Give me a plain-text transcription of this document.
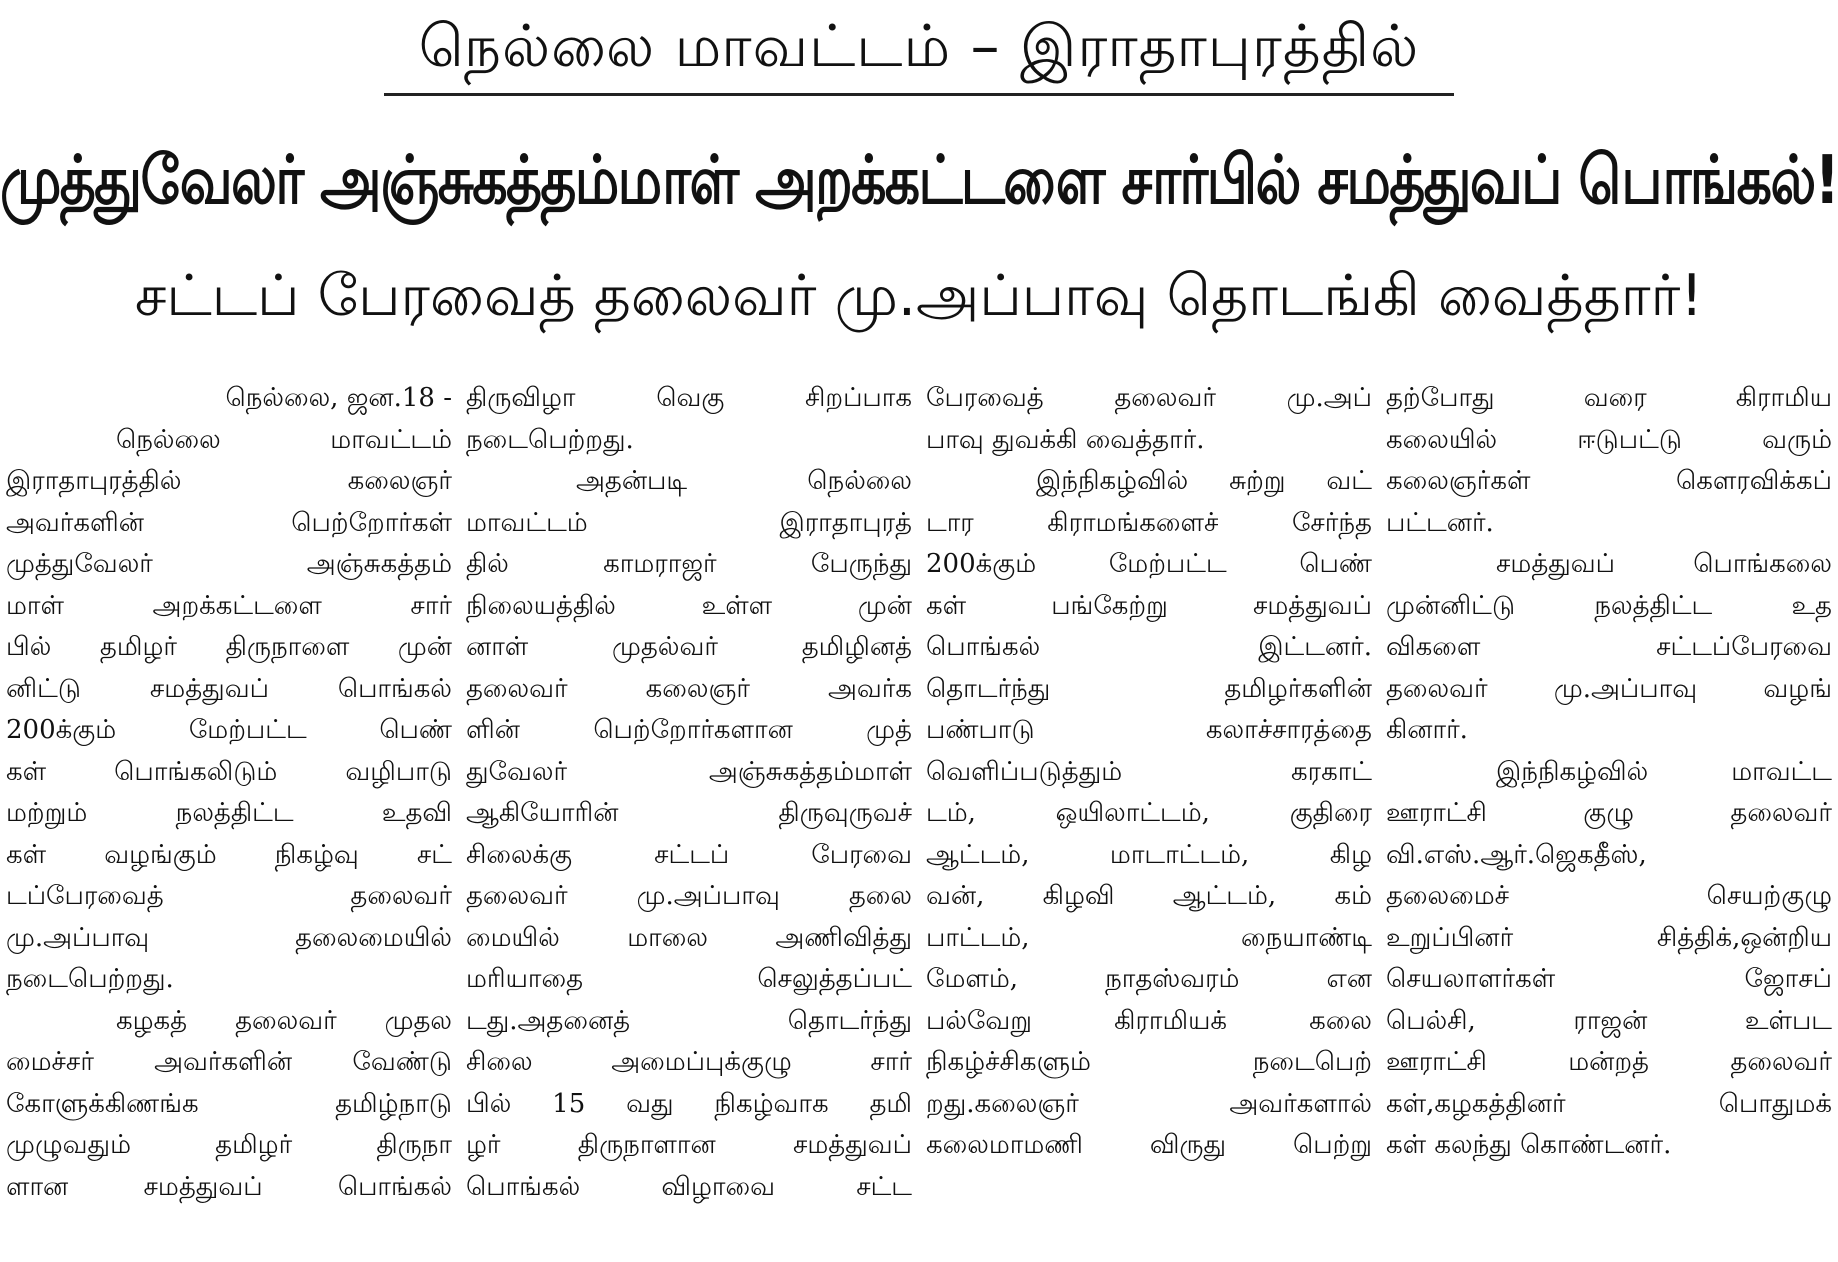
நெல்லை மாவட்டம் – இராதாபுரத்தில்
முத்துவேலர் அஞ்சுகத்தம்மாள் அறக்கட்டளை சார்பில் சமத்துவப் பொங்கல்!
சட்டப் பேரவைத் தலைவர் மு.அப்பாவு தொடங்கி வைத்தார்!
நெல்லை, ஜன.18 -
நெல்லை மாவட்டம்
இராதாபுரத்தில் கலைஞர்
அவர்களின் பெற்றோர்கள்
முத்துவேலர் அஞ்சுகத்தம்
மாள் அறக்கட்டளை சார்
பில் தமிழர் திருநாளை முன்
னிட்டு சமத்துவப் பொங்கல்
200க்கும் மேற்பட்ட பெண்
கள் பொங்கலிடும் வழிபாடு
மற்றும் நலத்திட்ட உதவி
கள் வழங்கும் நிகழ்வு சட்
டப்பேரவைத் தலைவர்
மு.அப்பாவு தலைமையில்
நடைபெற்றது.
கழகத் தலைவர் முதல
மைச்சர் அவர்களின் வேண்டு
கோளுக்கிணங்க தமிழ்நாடு
முழுவதும் தமிழர் திருநா
ளான சமத்துவப் பொங்கல்
திருவிழா வெகு சிறப்பாக
நடைபெற்றது.
அதன்படி நெல்லை
மாவட்டம் இராதாபுரத்
தில் காமராஜர் பேருந்து
நிலையத்தில் உள்ள முன்
னாள் முதல்வர் தமிழினத்
தலைவர் கலைஞர் அவர்க
ளின் பெற்றோர்களான முத்
துவேலர் அஞ்சுகத்தம்மாள்
ஆகியோரின் திருவுருவச்
சிலைக்கு சட்டப் பேரவை
தலைவர் மு.அப்பாவு தலை
மையில் மாலை அணிவித்து
மரியாதை செலுத்தப்பட்
டது.அதனைத் தொடர்ந்து
சிலை அமைப்புக்குழு சார்
பில் 15 வது நிகழ்வாக தமி
ழர் திருநாளான சமத்துவப்
பொங்கல் விழாவை சட்ட
பேரவைத் தலைவர் மு.அப்
பாவு துவக்கி வைத்தார்.
இந்நிகழ்வில் சுற்று வட்
டார கிராமங்களைச் சேர்ந்த
200க்கும் மேற்பட்ட பெண்
கள் பங்கேற்று சமத்துவப்
பொங்கல் இட்டனர்.
தொடர்ந்து தமிழர்களின்
பண்பாடு கலாச்சாரத்தை
வெளிப்படுத்தும் கரகாட்
டம், ஒயிலாட்டம், குதிரை
ஆட்டம், மாடாட்டம், கிழ
வன், கிழவி ஆட்டம், கம்
பாட்டம், நையாண்டி
மேளம், நாதஸ்வரம் என
பல்வேறு கிராமியக் கலை
நிகழ்ச்சிகளும் நடைபெற்
றது.கலைஞர் அவர்களால்
கலைமாமணி விருது பெற்று
தற்போது வரை கிராமிய
கலையில் ஈடுபட்டு வரும்
கலைஞர்கள் கௌரவிக்கப்
பட்டனர்.
சமத்துவப் பொங்கலை
முன்னிட்டு நலத்திட்ட உத
விகளை சட்டப்பேரவை
தலைவர் மு.அப்பாவு வழங்
கினார்.
இந்நிகழ்வில் மாவட்ட
ஊராட்சி குழு தலைவர்
வி.எஸ்.ஆர்.ஜெகதீஸ்,
தலைமைச் செயற்குழு
உறுப்பினர் சித்திக்,ஒன்றிய
செயலாளர்கள் ஜோசப்
பெல்சி, ராஜன் உள்பட
ஊராட்சி மன்றத் தலைவர்
கள்,கழகத்தினர் பொதுமக்
கள் கலந்து கொண்டனர்.
